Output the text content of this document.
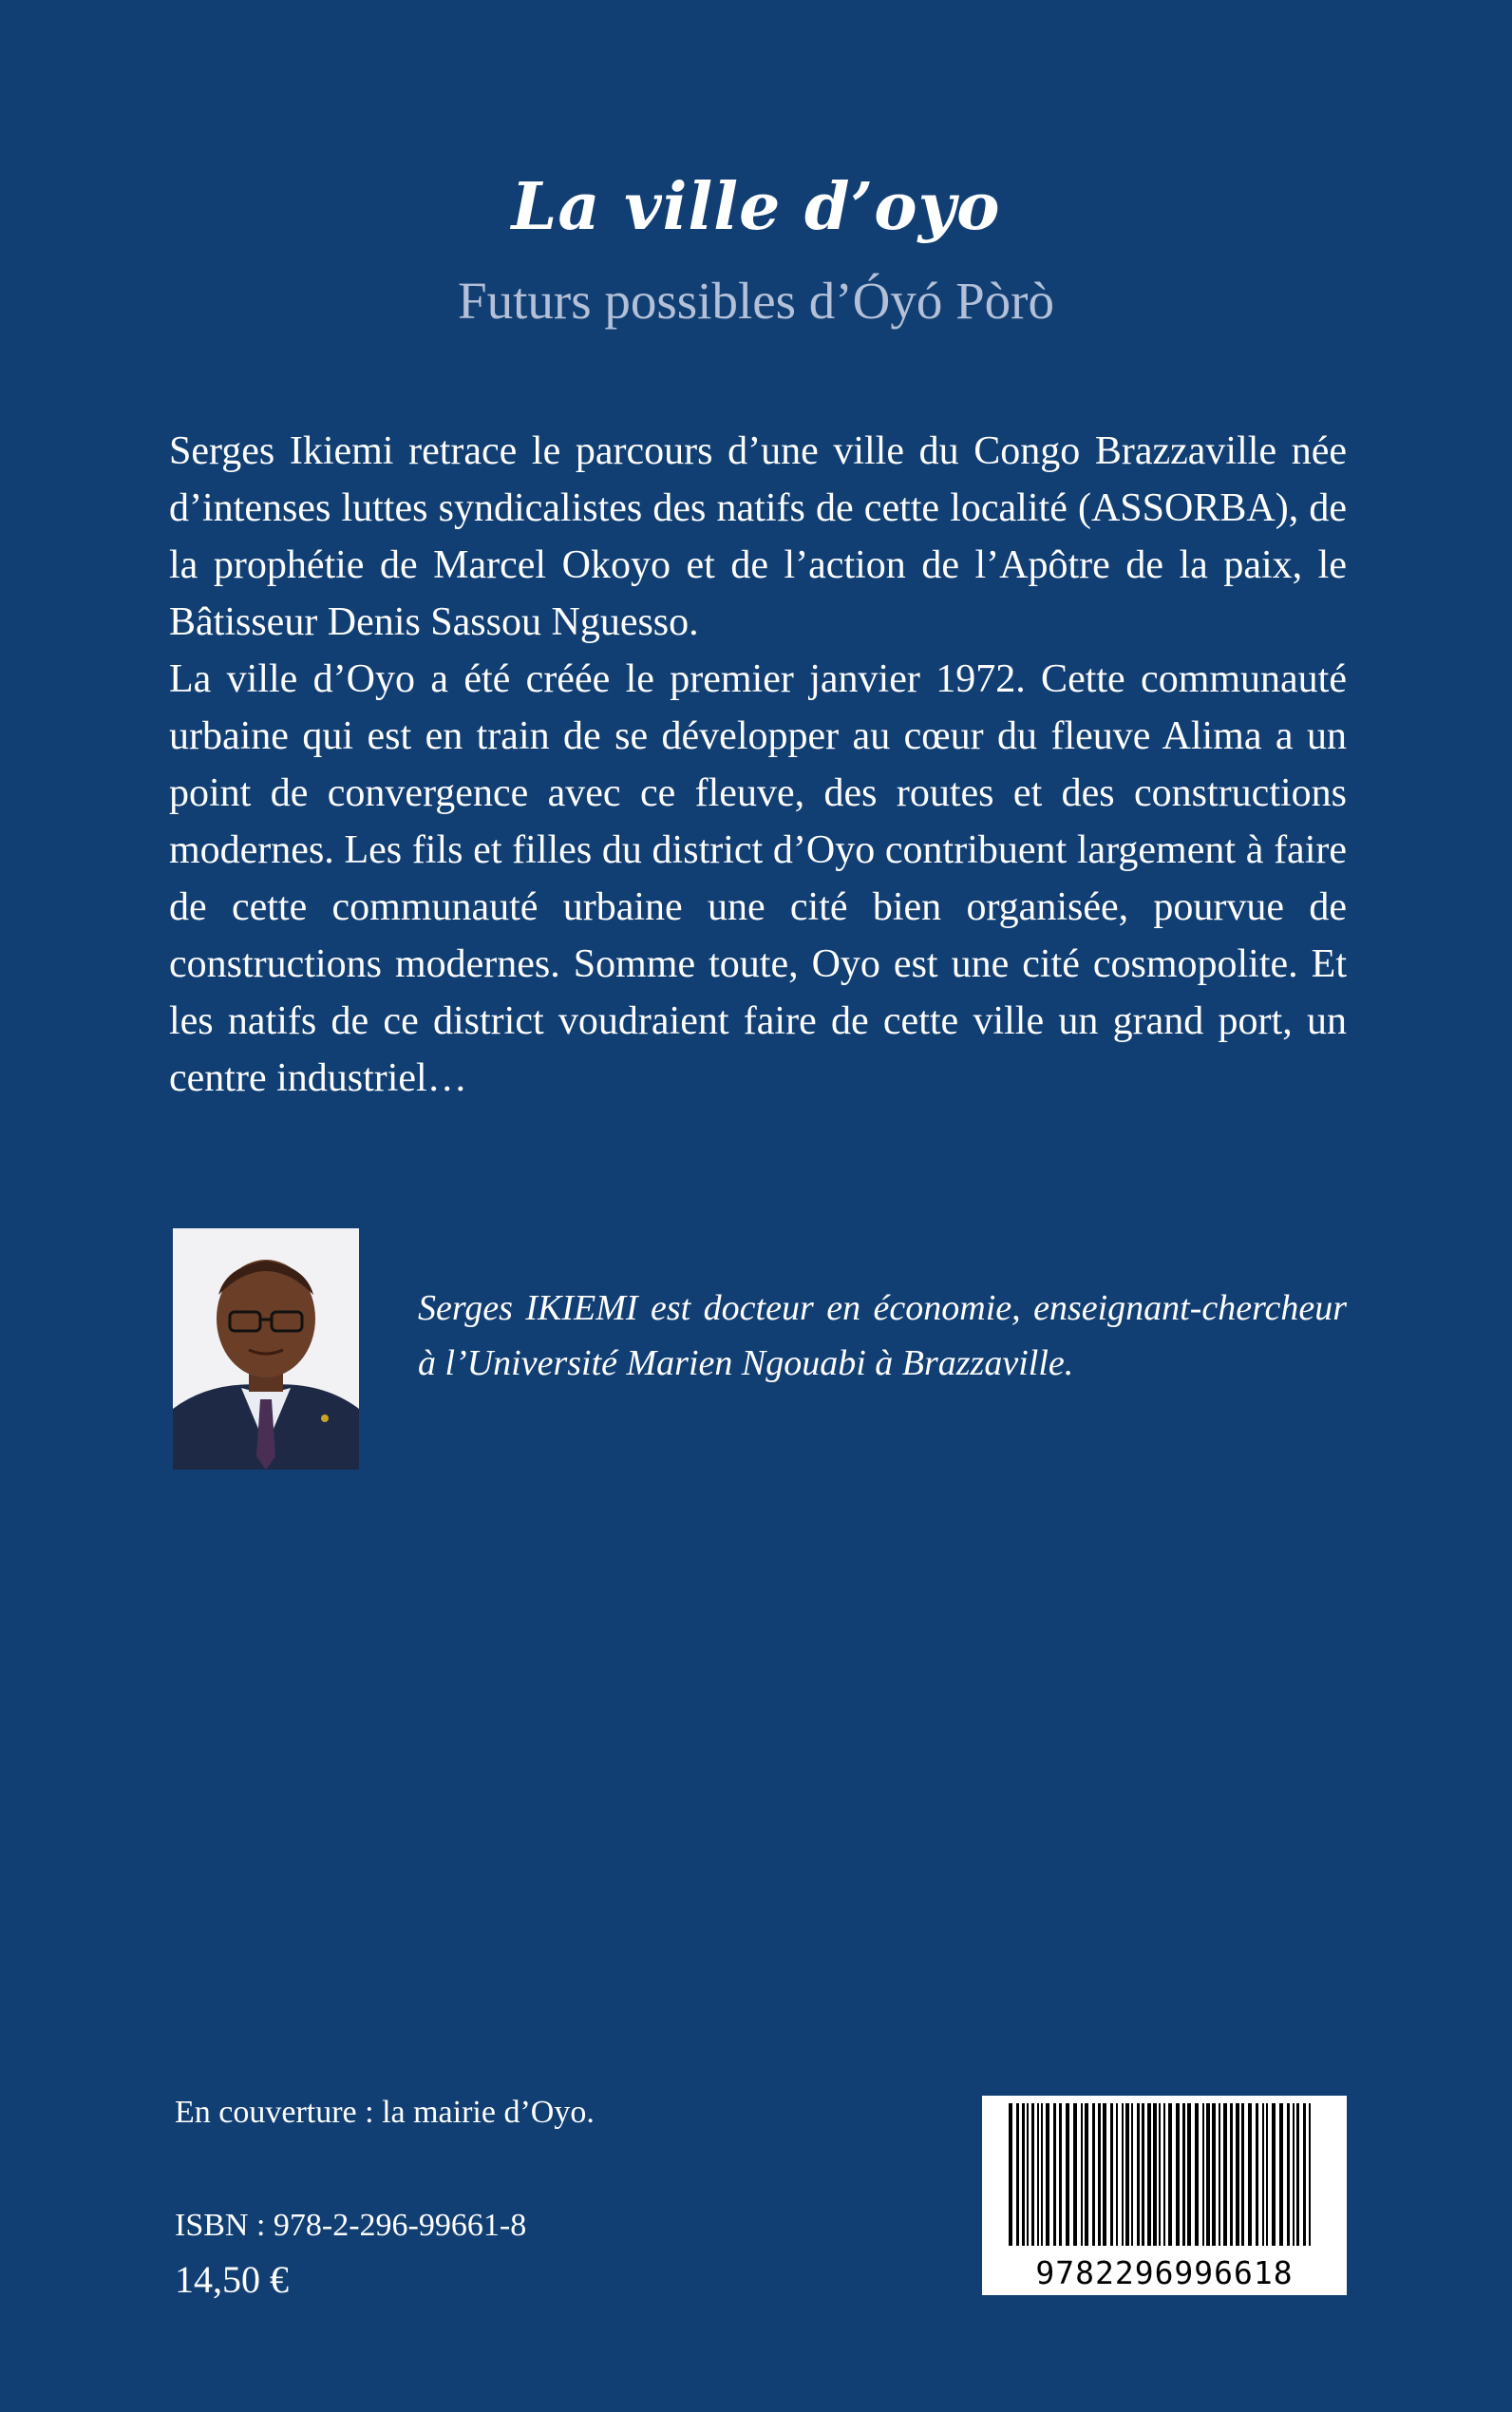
La ville d’oyo
Futurs possibles d’Óyó Pòrò

Serges Ikiemi retrace le parcours d’une ville du Congo Brazzaville née d’intenses luttes syndicalistes des natifs de cette localité (ASSORBA), de la prophétie de Marcel Okoyo et de l’action de l’Apôtre de la paix, le Bâtisseur Denis Sassou Nguesso.

La ville d’Oyo a été créée le premier janvier 1972. Cette communauté urbaine qui est en train de se développer au cœur du fleuve Alima a un point de convergence avec ce fleuve, des routes et des constructions modernes. Les fils et filles du district d’Oyo contribuent largement à faire de cette communauté urbaine une cité bien organisée, pourvue de constructions modernes. Somme toute, Oyo est une cité cosmopolite. Et les natifs de ce district voudraient faire de cette ville un grand port, un centre industriel…

Serges IKIEMI est docteur en économie, enseignant-chercheur à l’Université Marien Ngouabi à Brazzaville.
En couverture : la mairie d’Oyo.
ISBN : 978-2-296-99661-8
14,50 €	9782296996618
